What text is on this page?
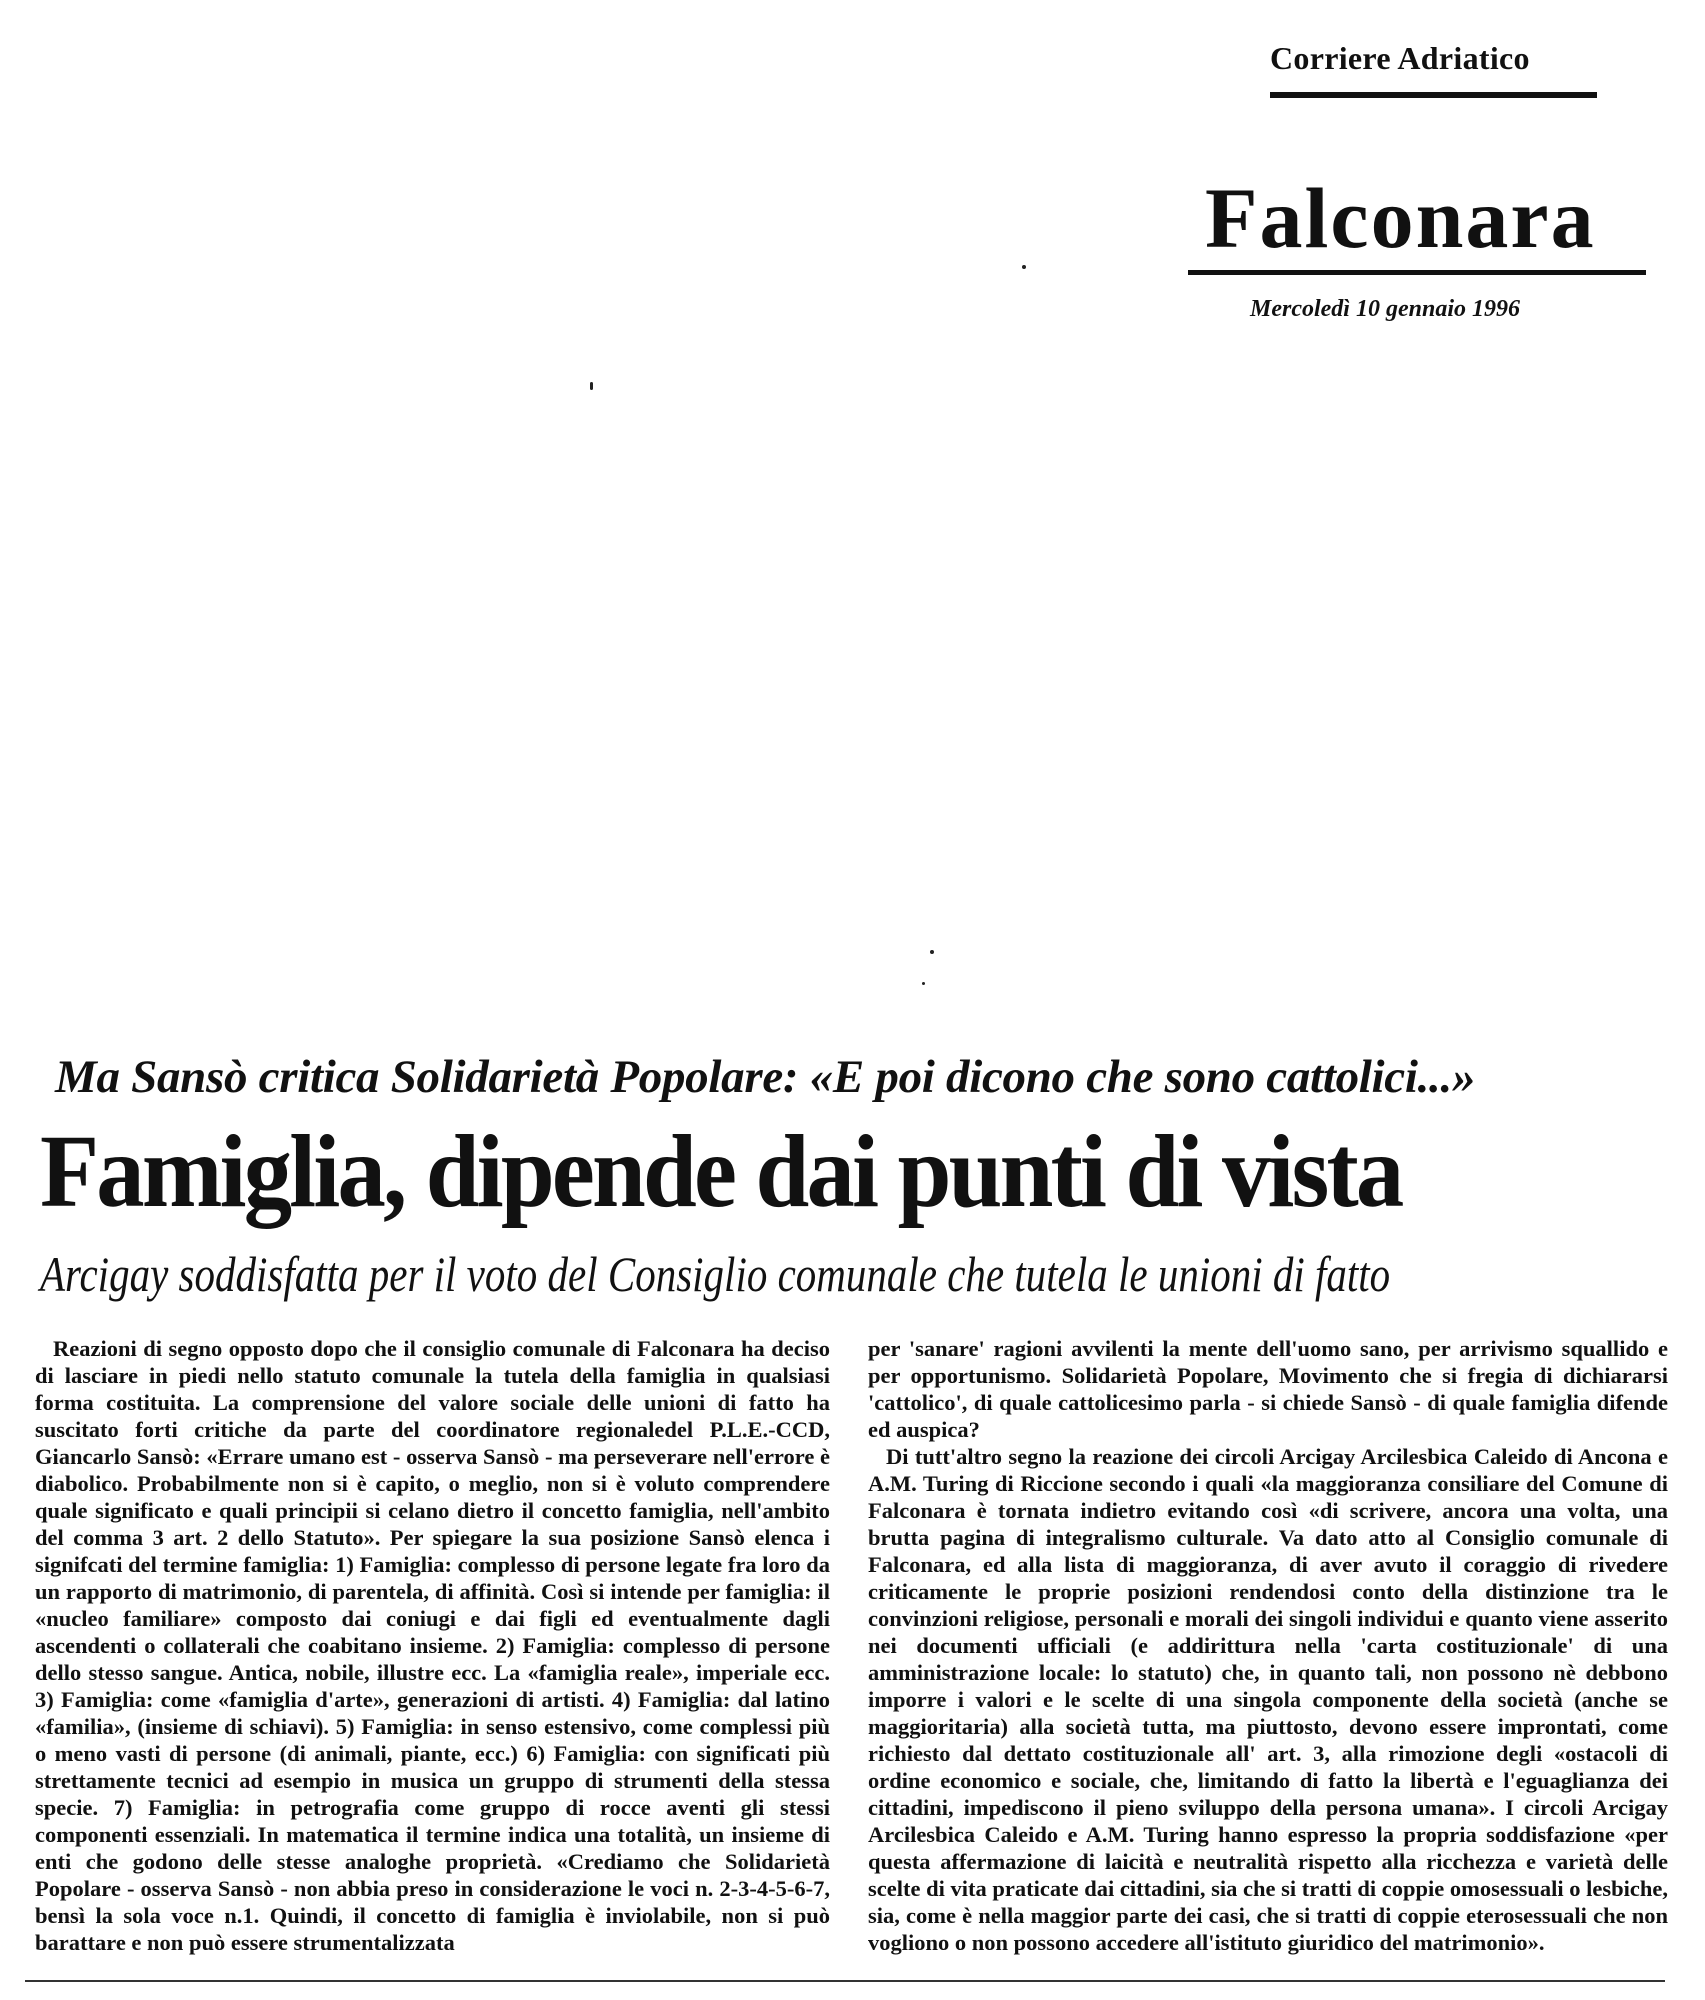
Corriere Adriatico
Falconara
Mercoledì 10 gennaio 1996
Ma Sansò critica Solidarietà Popolare: «E poi dicono che sono cattolici...»
Famiglia, dipende dai punti di vista
Arcigay soddisfatta per il voto del Consiglio comunale che tutela le unioni di fatto

Reazioni di segno opposto dopo che il consiglio comunale di Falconara ha deciso di lasciare in piedi nello statuto comunale la tutela della famiglia in qualsiasi forma costituita. La comprensione del valore sociale delle unioni di fatto ha suscitato forti critiche da parte del coordinatore regionaledel P.L.E.-CCD, Giancarlo Sansò: «Errare umano est - osserva Sansò - ma perseverare nell'errore è diabolico. Probabilmente non si è capito, o meglio, non si è voluto comprendere quale significato e quali principii si celano dietro il concetto famiglia, nell'ambito del comma 3 art. 2 dello Statuto». Per spiegare la sua posizione Sansò elenca i signifcati del termine famiglia: 1) Famiglia: complesso di persone legate fra loro da un rapporto di matrimonio, di parentela, di affinità. Così si intende per famiglia: il «nucleo familiare» composto dai coniugi e dai figli ed eventualmente dagli ascendenti o collaterali che coabitano insieme. 2) Famiglia: complesso di persone dello stesso sangue. Antica, nobile, illustre ecc. La «famiglia reale», imperiale ecc. 3) Famiglia: come «famiglia d'arte», generazioni di artisti. 4) Famiglia: dal latino «familia», (insieme di schiavi). 5) Famiglia: in senso estensivo, come complessi più o meno vasti di persone (di animali, piante, ecc.) 6) Famiglia: con significati più strettamente tecnici ad esempio in musica un gruppo di strumenti della stessa specie. 7) Famiglia: in petrografia come gruppo di rocce aventi gli stessi componenti essenziali. In matematica il termine indica una totalità, un insieme di enti che godono delle stesse analoghe proprietà. «Crediamo che Solidarietà Popolare - osserva Sansò - non abbia preso in considerazione le voci n. 2-3-4-5-6-7, bensì la sola voce n.1. Quindi, il concetto di famiglia è inviolabile, non si può barattare e non può essere strumentalizzata

per 'sanare' ragioni avvilenti la mente dell'uomo sano, per arrivismo squallido e per opportunismo. Solidarietà Popolare, Movimento che si fregia di dichiararsi 'cattolico', di quale cattolicesimo parla - si chiede Sansò - di quale famiglia difende ed auspica?

Di tutt'altro segno la reazione dei circoli Arcigay Arcilesbica Caleido di Ancona e A.M. Turing di Riccione secondo i quali «la maggioranza consiliare del Comune di Falconara è tornata indietro evitando così «di scrivere, ancora una volta, una brutta pagina di integralismo culturale. Va dato atto al Consiglio comunale di Falconara, ed alla lista di maggioranza, di aver avuto il coraggio di rivedere criticamente le proprie posizioni rendendosi conto della distinzione tra le convinzioni religiose, personali e morali dei singoli individui e quanto viene asserito nei documenti ufficiali (e addirittura nella 'carta costituzionale' di una amministrazione locale: lo statuto) che, in quanto tali, non possono nè debbono imporre i valori e le scelte di una singola componente della società (anche se maggioritaria) alla società tutta, ma piuttosto, devono essere improntati, come richiesto dal dettato costituzionale all' art. 3, alla rimozione degli «ostacoli di ordine economico e sociale, che, limitando di fatto la libertà e l'eguaglianza dei cittadini, impediscono il pieno sviluppo della persona umana». I circoli Arcigay Arcilesbica Caleido e A.M. Turing hanno espresso la propria soddisfazione «per questa affermazione di laicità e neutralità rispetto alla ricchezza e varietà delle scelte di vita praticate dai cittadini, sia che si tratti di coppie omosessuali o lesbiche, sia, come è nella maggior parte dei casi, che si tratti di coppie eterosessuali che non vogliono o non possono accedere all'istituto giuridico del matrimonio».
